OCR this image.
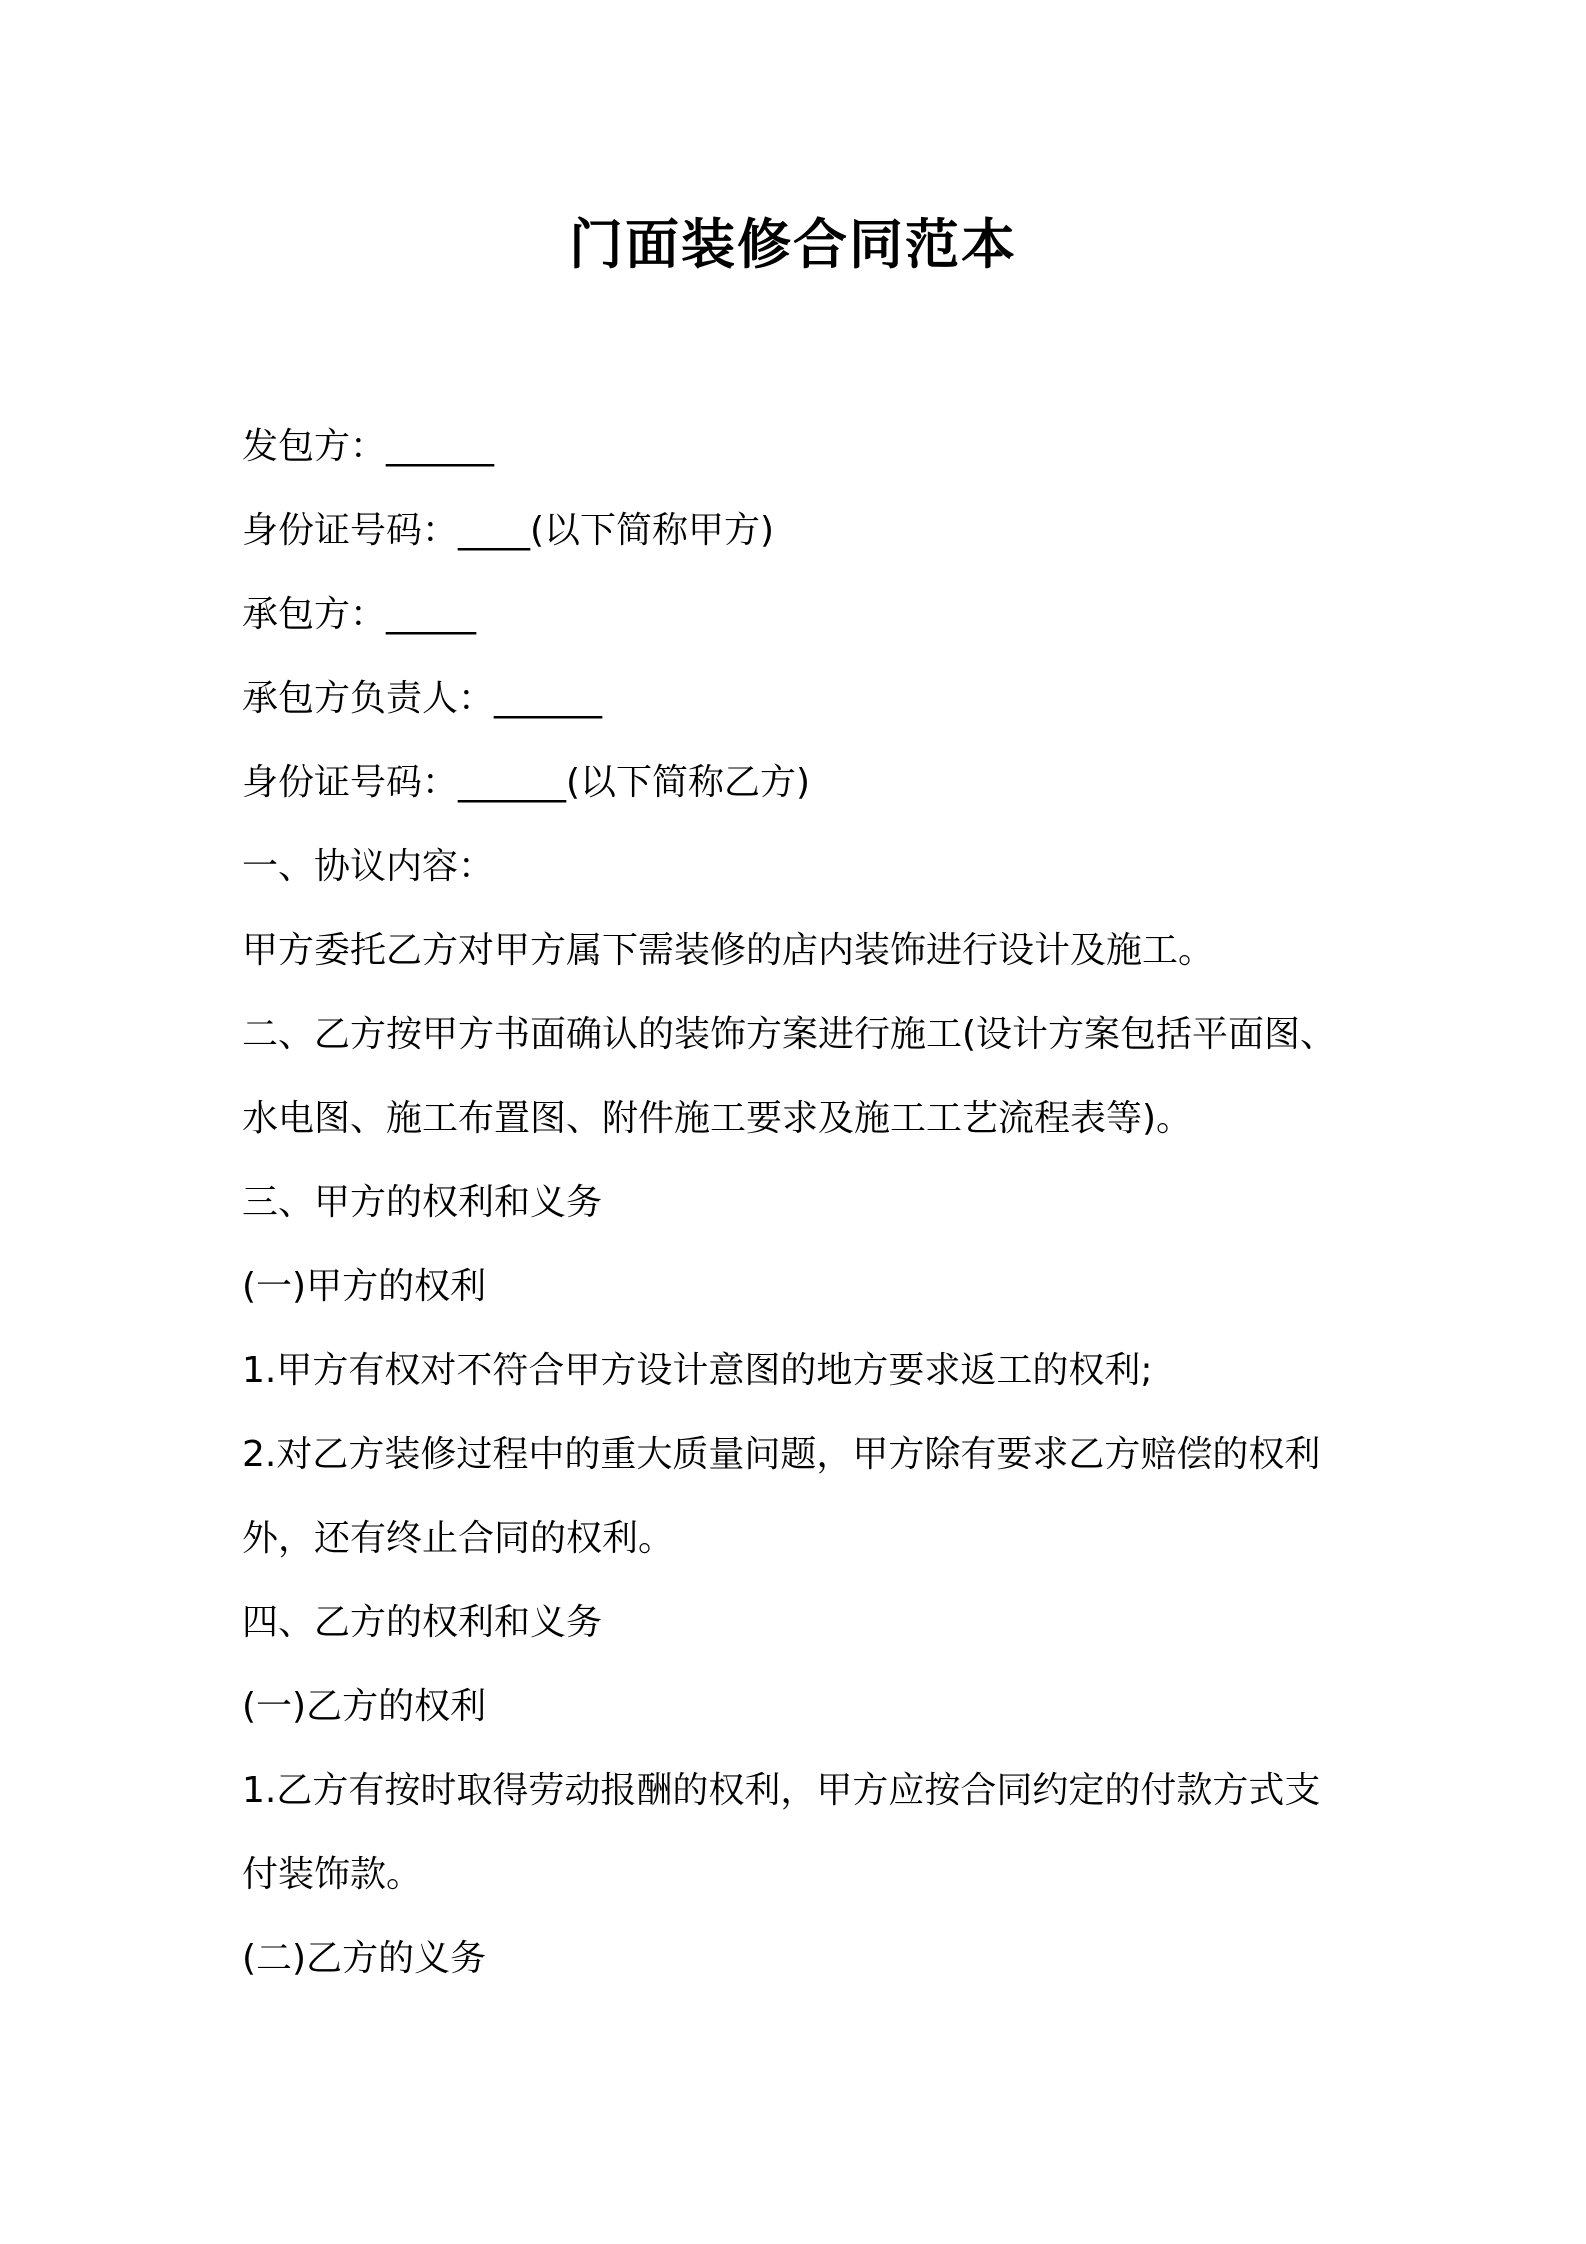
门面装修合同范本

发包方：______

身份证号码：____(以下简称甲方)

承包方：_____

承包方负责人：______

身份证号码：______(以下简称乙方)

一、协议内容：

甲方委托乙方对甲方属下需装修的店内装饰进行设计及施工。

二、乙方按甲方书面确认的装饰方案进行施工(设计方案包括平面图、

水电图、施工布置图、附件施工要求及施工工艺流程表等)。

三、甲方的权利和义务

(一)甲方的权利

1.甲方有权对不符合甲方设计意图的地方要求返工的权利;

2.对乙方装修过程中的重大质量问题，甲方除有要求乙方赔偿的权利

外，还有终止合同的权利。

四、乙方的权利和义务

(一)乙方的权利

1.乙方有按时取得劳动报酬的权利，甲方应按合同约定的付款方式支

付装饰款。

(二)乙方的义务
